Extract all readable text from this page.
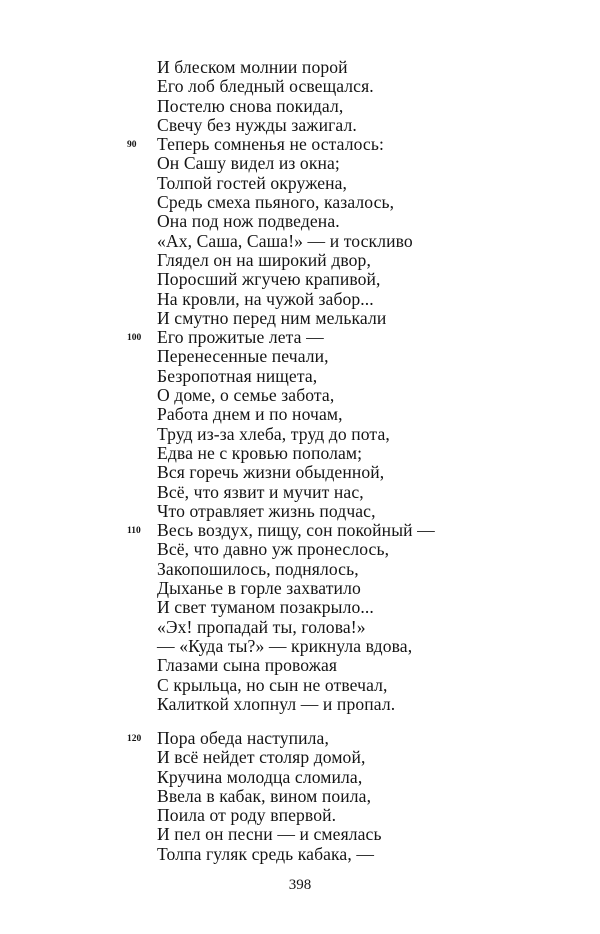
И блеском молнии порой
Его лоб бледный освещался.
Постелю снова покидал,
Свечу без нужды зажигал.
90 Теперь сомненья не осталось:
Он Сашу видел из окна;
Толпой гостей окружена,
Средь смеха пьяного, казалось,
Она под нож подведена.
«Ах, Саша, Саша!» — и тоскливо
Глядел он на широкий двор,
Поросший жгучею крапивой,
На кровли, на чужой забор...
И смутно перед ним мелькали
100 Его прожитые лета —
Перенесенные печали,
Безропотная нищета,
О доме, о семье забота,
Работа днем и по ночам,
Труд из-за хлеба, труд до пота,
Едва не с кровью пополам;
Вся горечь жизни обыденной,
Всё, что язвит и мучит нас,
Что отравляет жизнь подчас,
110 Весь воздух, пищу, сон покойный —
Всё, что давно уж пронеслось,
Закопошилось, поднялось,
Дыханье в горле захватило
И свет туманом позакрыло...
«Эх! пропадай ты, голова!»
— «Куда ты?» — крикнула вдова,
Глазами сына провожая
С крыльца, но сын не отвечал,
Калиткой хлопнул — и пропал.
120 Пора обеда наступила,
И всё нейдет столяр домой,
Кручина молодца сломила,
Ввела в кабак, вином поила,
Поила от роду впервой.
И пел он песни — и смеялась
Толпа гуляк средь кабака, —
398
